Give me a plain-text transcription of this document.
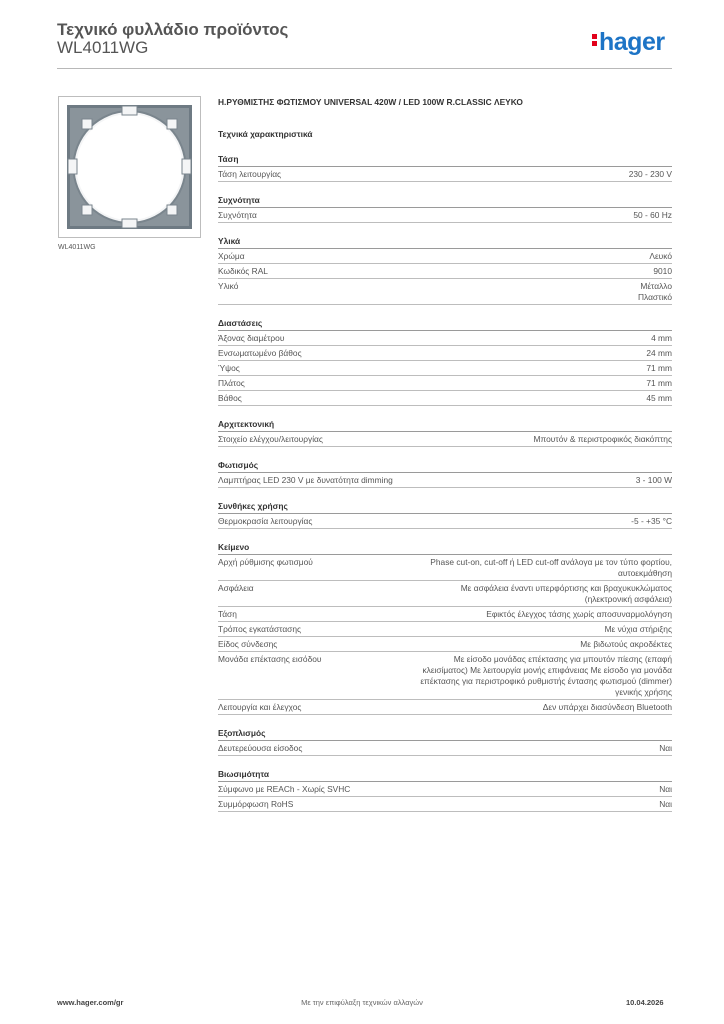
Τεχνικό φυλλάδιο προϊόντος
WL4011WG	hager
WL4011WG
Η.ΡΥΘΜΙΣΤΗΣ ΦΩΤΙΣΜΟΥ UNIVERSAL 420W / LED 100W R.CLASSIC ΛΕΥΚΟ
Τεχνικά χαρακτηριστικά
Τάση
Τάση λειτουργίας	230 - 230 V
Συχνότητα
Συχνότητα	50 - 60 Hz
Υλικά
Χρώμα	Λευκό
Κωδικός RAL	9010
Υλικό	Μέταλλο
Πλαστικό
Διαστάσεις
Άξονας διαμέτρου	4 mm
Ενσωματωμένο βάθος	24 mm
Ύψος	71 mm
Πλάτος	71 mm
Βάθος	45 mm
Αρχιτεκτονική
Στοιχείο ελέγχου/λειτουργίας	Μπουτόν & περιστροφικός διακόπτης
Φωτισμός
Λαμπτήρας LED 230 V με δυνατότητα dimming	3 - 100 W
Συνθήκες χρήσης
Θερμοκρασία λειτουργίας	-5 - +35 °C
Κείμενο
Αρχή ρύθμισης φωτισμού	Phase cut-on, cut-off ή LED cut-off ανάλογα με τον τύπο φορτίου, αυτοεκμάθηση
Ασφάλεια	Με ασφάλεια έναντι υπερφόρτισης και βραχυκυκλώματος (ηλεκτρονική ασφάλεια)
Τάση	Εφικτός έλεγχος τάσης χωρίς αποσυναρμολόγηση
Τρόπος εγκατάστασης	Με νύχια στήριξης
Είδος σύνδεσης	Με βιδωτούς ακροδέκτες
Μονάδα επέκτασης εισόδου	Με είσοδο μονάδας επέκτασης για μπουτόν πίεσης (επαφή κλεισίματος) Με λειτουργία μονής επιφάνειας Με είσοδο για μονάδα επέκτασης για περιστροφικό ρυθμιστής έντασης φωτισμού (dimmer) γενικής χρήσης
Λειτουργία και έλεγχος	Δεν υπάρχει διασύνδεση Bluetooth
Εξοπλισμός
Δευτερεύουσα είσοδος	Ναι
Βιωσιμότητα
Σύμφωνο με REACh - Χωρίς SVHC	Ναι
Συμμόρφωση RoHS	Ναι
www.hager.com/gr	Με την επιφύλαξη τεχνικών αλλαγών	10.04.2026
